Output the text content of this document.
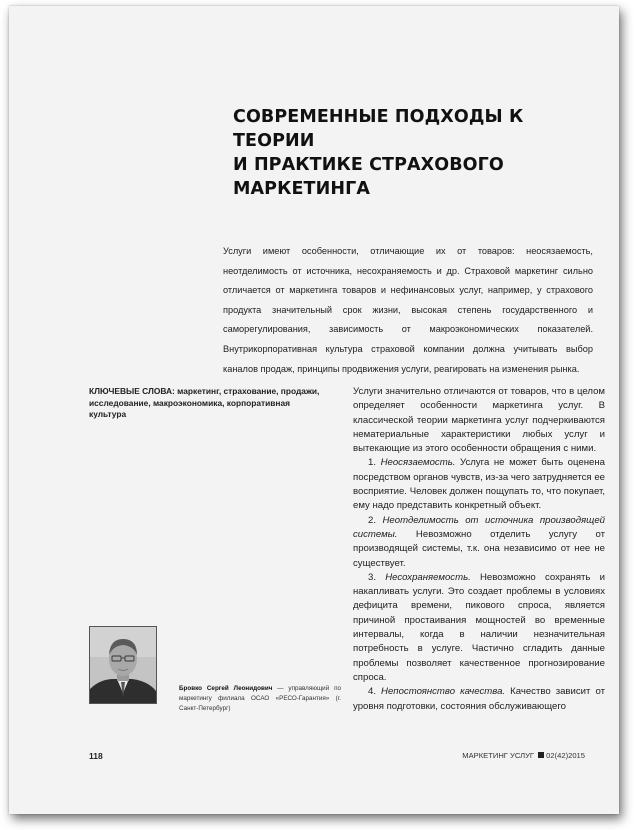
СОВРЕМЕННЫЕ ПОДХОДЫ К ТЕОРИИ
И ПРАКТИКЕ СТРАХОВОГО МАРКЕТИНГА
Услуги имеют особенности, отличающие их от товаров: неосязаемость, неотделимость от источника, несохраняемость и др. Страховой маркетинг сильно отличается от маркетинга товаров и нефинансовых услуг, например, у страхового продукта значительный срок жизни, высокая степень государственного и саморегулирования, зависимость от макроэкономических показателей. Внутрикорпоративная культура страховой компании должна учитывать выбор каналов продаж, принципы продвижения услуги, реагировать на изменения рынка.
КЛЮЧЕВЫЕ СЛОВА: маркетинг, страхование, продажи, исследование, макроэкономика, корпоративная культура

Услуги значительно отличаются от товаров, что в целом определяет особенности маркетинга услуг. В классической теории маркетинга услуг подчеркиваются нематериальные характеристики любых услуг и вытекающие из этого особенности обращения с ними.

1. Неосязаемость. Услуга не может быть оценена посредством органов чувств, из-за чего затрудняется ее восприятие. Человек должен пощупать то, что покупает, ему надо представить конкретный объект.

2. Неотделимость от источника производящей системы. Невозможно отделить услугу от производящей системы, т.к. она независимо от нее не существует.

3. Несохраняемость. Невозможно сохранять и накапливать услуги. Это создает проблемы в условиях дефицита времени, пикового спроса, является причиной простаивания мощностей во временные интервалы, когда в наличии незначительная потребность в услуге. Частично сгладить данные проблемы позволяет качественное прогнозирование спроса.

4. Непостоянство качества. Качество зависит от уровня подготовки, состояния обслуживающего

Бровко Сергей Леонидович — управляющий по маркетингу филиала ОСАО «РЕСО-Гарантия» (г. Санкт-Петербург)
118	МАРКЕТИНГ УСЛУГ 02(42)2015
